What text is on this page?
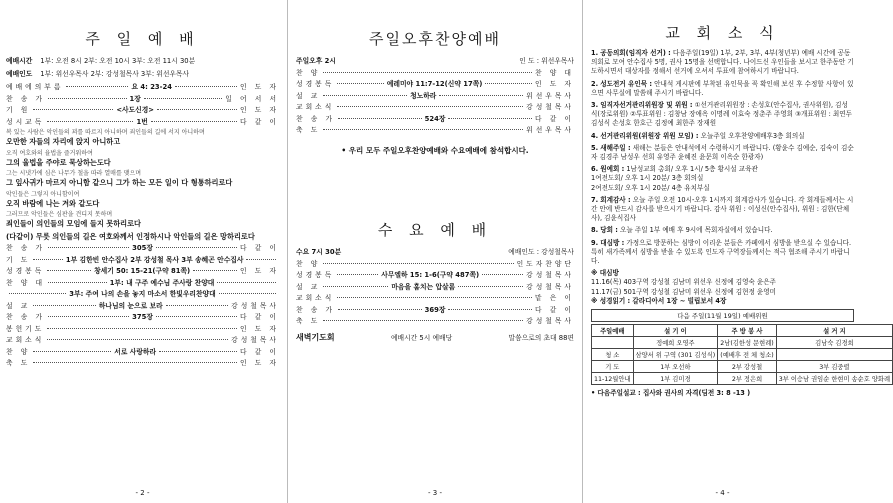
주 일 예 배
예배시간 1부: 오전 8시 2부: 오전 10시 3부: 오전 11시 30분
예배인도 1부: 위선우목사 2부: 강성철목사 3부: 위선우목사
예배에의부름	요 4: 23-24	인 도 자
찬 송 가	1장	일 어 서 서
기 원	<사도신경>	인 도 자
성시교독	1번	다 같 이
복 있는 사람은 악인들의 꾀를 따르지 아니하며 죄인들의 길에 서지 아니하며
오만한 자들의 자리에 앉지 아니하고
오직 여호와의 율법을 즐거워하여
그의 율법을 주야로 묵상하는도다
그는 시냇가에 심은 나무가 철을 따라 열매를 맺으며
그 잎사귀가 마르지 아니함 같으니 그가 하는 모든 일이 다 형통하리로다
악인들은 그렇지 아니함이여
오직 바람에 나는 겨와 같도다
그러므로 악인들은 심판을 견디지 못하며
죄인들이 의인들의 모임에 들지 못하리로다
(다같이) 무릇 의인들의 길은 여호와께서 인정하시나 악인들의 길은 망하리로다
찬 송 가	305장	다 같 이
기 도	1부 김한빈 안수집사 2부 강성철 목사 3부 송혜곤 안수집사
성경봉독	창세기 50: 15-21(구약 81쪽)	인 도 자
찬 양 대	1부: 내 구주 예수님 주사랑 찬양대
3부: 주여 나의 손을 놓지 마소서 한빛우리찬양대
설 교	하나님의 눈으로 보라	강성철목사
찬 송 가	375장	다 같 이
봉헌기도	인 도 자
교회소식	강성철목사
찬 양	서로 사랑하라	다 같 이
축 도	인 도 자
- 2 -
주일오후찬양예배
주일오후 2시	인 도 : 위선우목사
찬 양	찬 양 대
성경봉독	예레미야 11:7-12(신약 17쪽)	인 도 자
설 교	청노하라	위선우목사
교회소식	강성철목사
찬 송 가	524장	다 같 이
축 도	위선우목사
• 우리 모두 주일오후찬양예배와 수요예배에 참석합시다.
수 요 예 배
수요 7시 30분	예배인도 : 강성철목사
찬 양	인도자찬양단
성경봉독	사무엘하 15: 1-6(구약 487쪽)	강성철목사
설 교	마음을 훔치는 압살롬	강성철목사
교회소식	맡 은 이
찬 송 가	369장	다 같 이
축 도	강성철목사
새벽기도회	예배시간 5시 예배당	말씀으로의 초대 88편
- 3 -
교 회 소 식
1. 공동의회(임직자 선거) : 다음주일(19일) 1부, 2부, 3부, 4부(청년부) 예배 시간에 공동의회로 모여 안수집사 5명, 권사 15명을 선택합니다. 나이드신 우인들을 보시고 한주동안 기도하시면서 대상자를 정해서 선거에 오셔서 투표에 참여하시기 바랍니다.
2. 성도전거 유인묵 : 안내석 게시판에 부착된 유인묵을 꼭 확인해 보신 후 수정할 사항이 있으면 사무실에 말씀해 주시기 바랍니다.
3. 임직자선거관리위원장 및 위원 : ①선거관리위원장 : 손성호(안수집사, 권사위원), 김성식(장로위원) ②투표위원 : 김창남 장애옥 이명례 이효숙 정춘주 주영희 ③개표위원 : 최연두 김성식 손성호 한호근 김정예 최한주 장재원
4. 선거관리위원(위원장 위원 모임) : 오늘주일 오후찬양예배후3층 회의실
5. 새해주일 : 새해는 분들은 안내석에서 수령하시기 바랍니다. (황윤수 김예순, 김숙이 김순자 김경주 남성우 선희 유영주 윤혜진 윤문희 이옥순 한광자)
6. 원예회 : 1남성교회 총회/ 오후 1시/ 5층 황시설 교육관
1여전도회/ 오후 1시 20분/ 3층 회의실
2여전도회/ 오후 1시 20분/ 4층 유치부실
7. 회계감사 : 오늘 주일 오전 10시-오후 1시까지 회계감사가 있습니다. 각 회계들께서는 시간 안에 반드시 감사를 받으시기 바랍니다. 감사 위원 : 이성신(안수집사), 위원 : 김한(단체사), 김윤식집사
8. 당회 : 오늘 주일 1부 예배 후 9시에 목회자실에서 있습니다.
9. 대심방 : 가정으로 방문하는 심방이 이리운 분들은 카페에서 심방을 받으실 수 있습니다. 특히 새가족께서 심방을 받을 수 있도록 인도자 구역장들께서는 적극 협조해 주시기 바랍니다.
※ 대심방
11.16(목) 403구역 강성철 김남미 위선우 신정예 김영숙 윤은주
11.17(금) 501구역 강성철 김남미 위선우 신정예 김현정 윤영미
※ 성경읽기 : 갈라디아서 1장 ~ 빌립보서 4장
다음 주일(11월 19일) 예배위원
주일예배	설 기 이	주 방 봉 사	설 거 지
	정예희 오영주	2남(김한성 문현례)	김남숙 김경희
청 소	삼양서 위 구역 (301 김성식)	(예배후 전 체 청소)	
기 도	1부 오선하	2부 강성철	3부 김중렬
11-12월안내	1부 김미경	2부 정은희	3부 이승남 권임순 한현미 송순호 양화례
• 다음주일설교 : 집사와 권사의 자격(딤전 3: 8 -13 )
- 4 -
